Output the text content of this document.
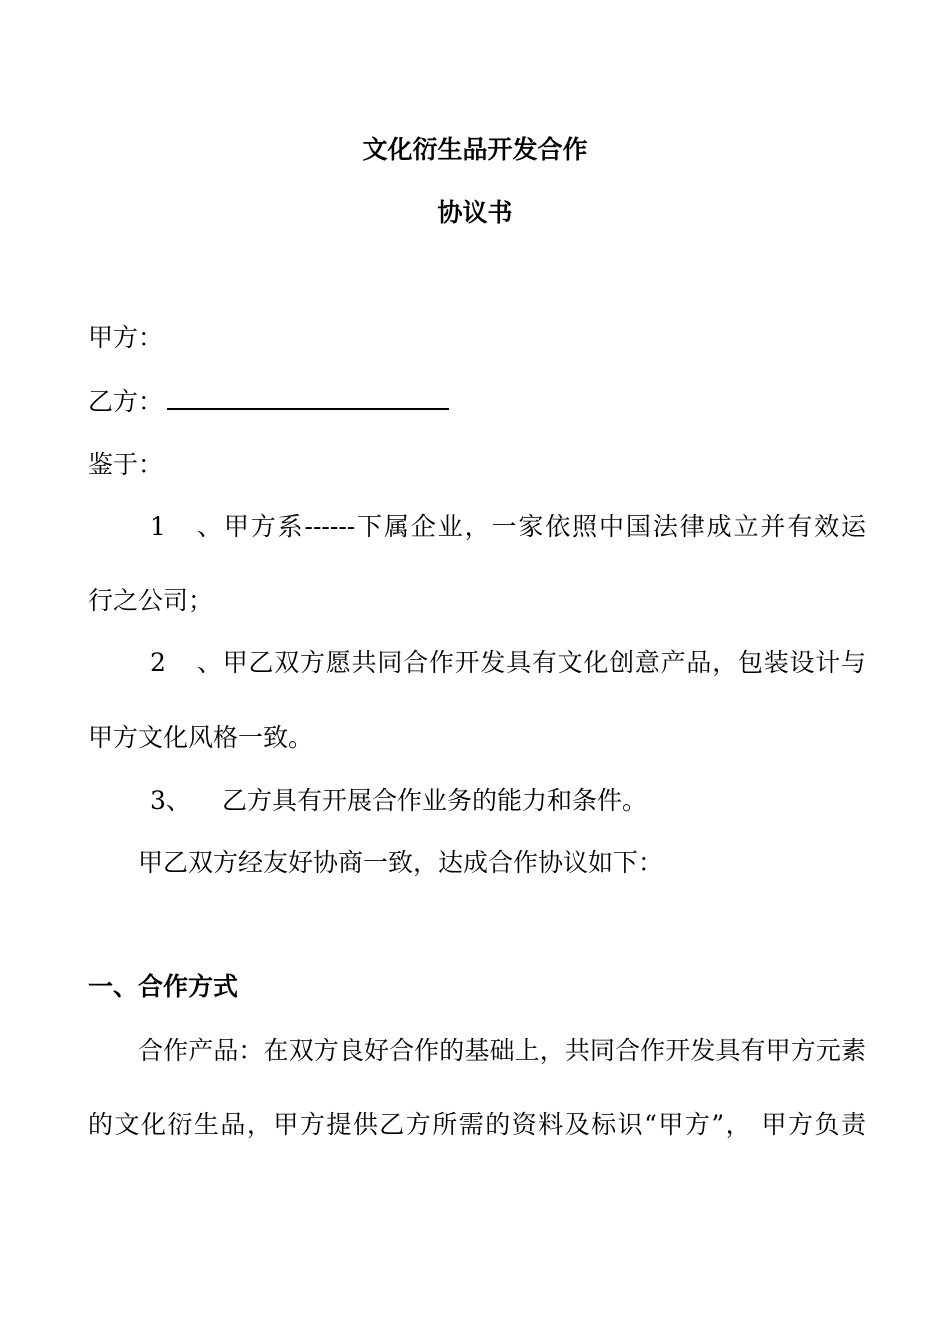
文化衍生品开发合作
协议书
甲方：
乙方：
鉴于：
1、甲方系------下属企业，一家依照中国法律成立并有效运
行之公司；
2、甲乙双方愿共同合作开发具有文化创意产品，包装设计与
甲方文化风格一致。
3、 乙方具有开展合作业务的能力和条件。
甲乙双方经友好协商一致，达成合作协议如下：
一、合作方式
合作产品：在双方良好合作的基础上，共同合作开发具有甲方元素
的文化衍生品，甲方提供乙方所需的资料及标识“甲方”， 甲方负责
